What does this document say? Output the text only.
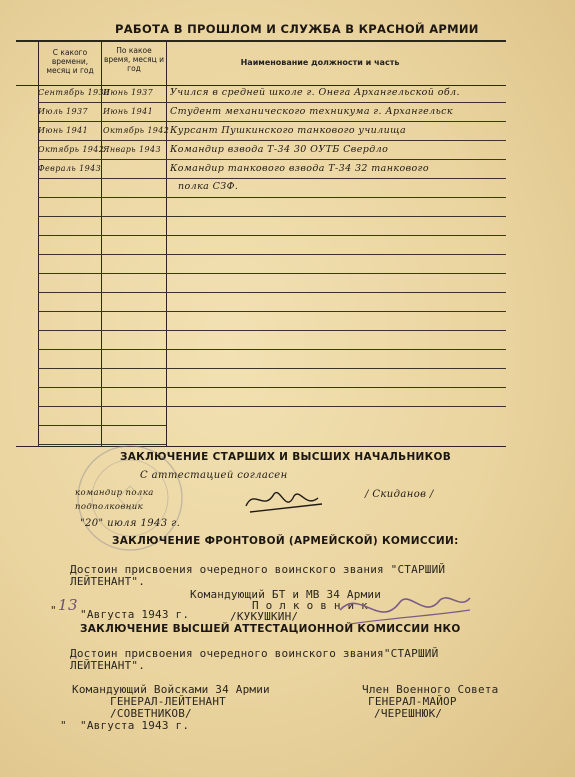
РАБОТА В ПРОШЛОМ И СЛУЖБА В КРАСНОЙ АРМИИ
С какого времени, месяц и год
По какое время, месяц и год
Наименование должности и часть
Сентябрь 1930
Июнь 1937 Учился в средней школе г. Онега Архангельской обл.
Июль 1937 Июнь 1941 Студент механического техникума г. Архангельск
Июнь 1941 Октябрь 1942 Курсант Пушкинского танкового училища
Октябрь 1942
Январь 1943 Командир взвода Т-34 30 ОУТБ Свердло
Февраль 1943	Командир танкового взвода Т-34 32 танкового
полка СЗФ.
ЗАКЛЮЧЕНИЕ СТАРШИХ И ВЫСШИХ НАЧАЛЬНИКОВ
С аттестацией согласен
командир полка
подполковник
/ Скиданов /
"20" июля 1943 г.
ЗАКЛЮЧЕНИЕ ФРОНТОВОЙ (АРМЕЙСКОЙ) КОМИССИИ:
Достоин присвоения очередного воинского звания "СТАРШИЙ
ЛЕЙТЕНАНТ".
Командующий БТ и МВ 34 Армии
П о л к о в н и к
/КУКУШКИН/
" 13
"Августа 1943 г.
ЗАКЛЮЧЕНИЕ ВЫСШЕЙ АТТЕСТАЦИОННОЙ КОМИССИИ НКО
Достоин присвоения очередного воинского звания"СТАРШИЙ
ЛЕЙТЕНАНТ".
Командующий Войсками 34 Армии
ГЕНЕРАЛ-ЛЕЙТЕНАНТ
/СОВЕТНИКОВ/
Член Военного Совета
ГЕНЕРАЛ-МАЙОР
/ЧЕРЕШНЮК/
" "Августа 1943 г.
